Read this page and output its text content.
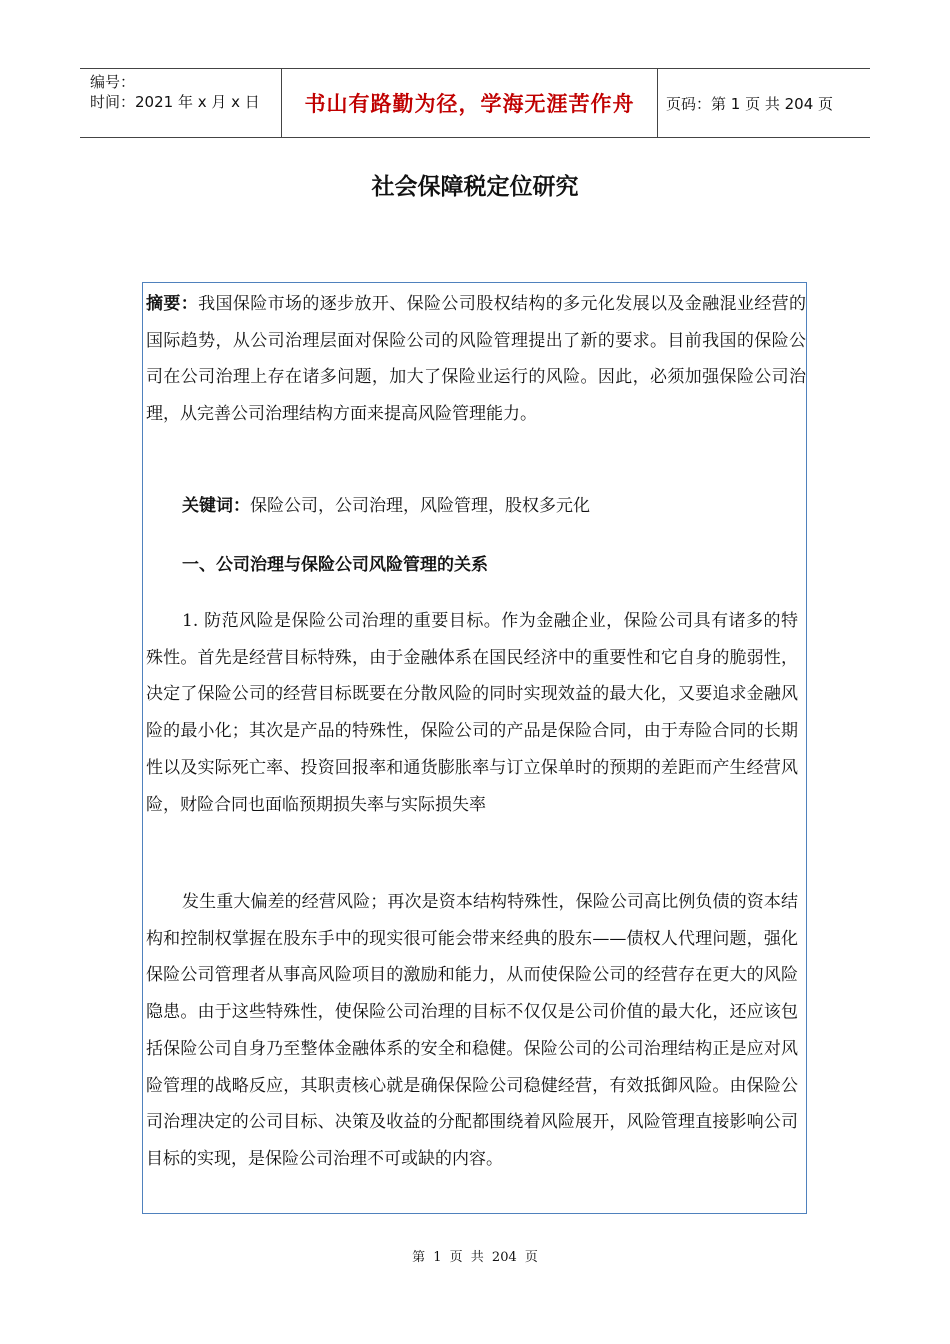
编号：
时间：2021 年 x 月 x 日	书山有路勤为径，学海无涯苦作舟	页码：第 1 页 共 204 页
社会保障税定位研究

摘要：我国保险市场的逐步放开、保险公司股权结构的多元化发展以及金融混业经营的国际趋势，从公司治理层面对保险公司的风险管理提出了新的要求。目前我国的保险公司在公司治理上存在诸多问题，加大了保险业运行的风险。因此，必须加强保险公司治理，从完善公司治理结构方面来提高风险管理能力。

关键词：保险公司，公司治理，风险管理，股权多元化

一、公司治理与保险公司风险管理的关系

1. 防范风险是保险公司治理的重要目标。作为金融企业，保险公司具有诸多的特殊性。首先是经营目标特殊，由于金融体系在国民经济中的重要性和它自身的脆弱性，决定了保险公司的经营目标既要在分散风险的同时实现效益的最大化，又要追求金融风险的最小化；其次是产品的特殊性，保险公司的产品是保险合同，由于寿险合同的长期性以及实际死亡率、投资回报率和通货膨胀率与订立保单时的预期的差距而产生经营风险，财险合同也面临预期损失率与实际损失率

发生重大偏差的经营风险；再次是资本结构特殊性，保险公司高比例负债的资本结构和控制权掌握在股东手中的现实很可能会带来经典的股东——债权人代理问题，强化保险公司管理者从事高风险项目的激励和能力，从而使保险公司的经营存在更大的风险隐患。由于这些特殊性，使保险公司治理的目标不仅仅是公司价值的最大化，还应该包括保险公司自身乃至整体金融体系的安全和稳健。保险公司的公司治理结构正是应对风险管理的战略反应，其职责核心就是确保保险公司稳健经营，有效抵御风险。由保险公司治理决定的公司目标、决策及收益的分配都围绕着风险展开，风险管理直接影响公司目标的实现，是保险公司治理不可或缺的内容。

第 1 页 共 204 页
